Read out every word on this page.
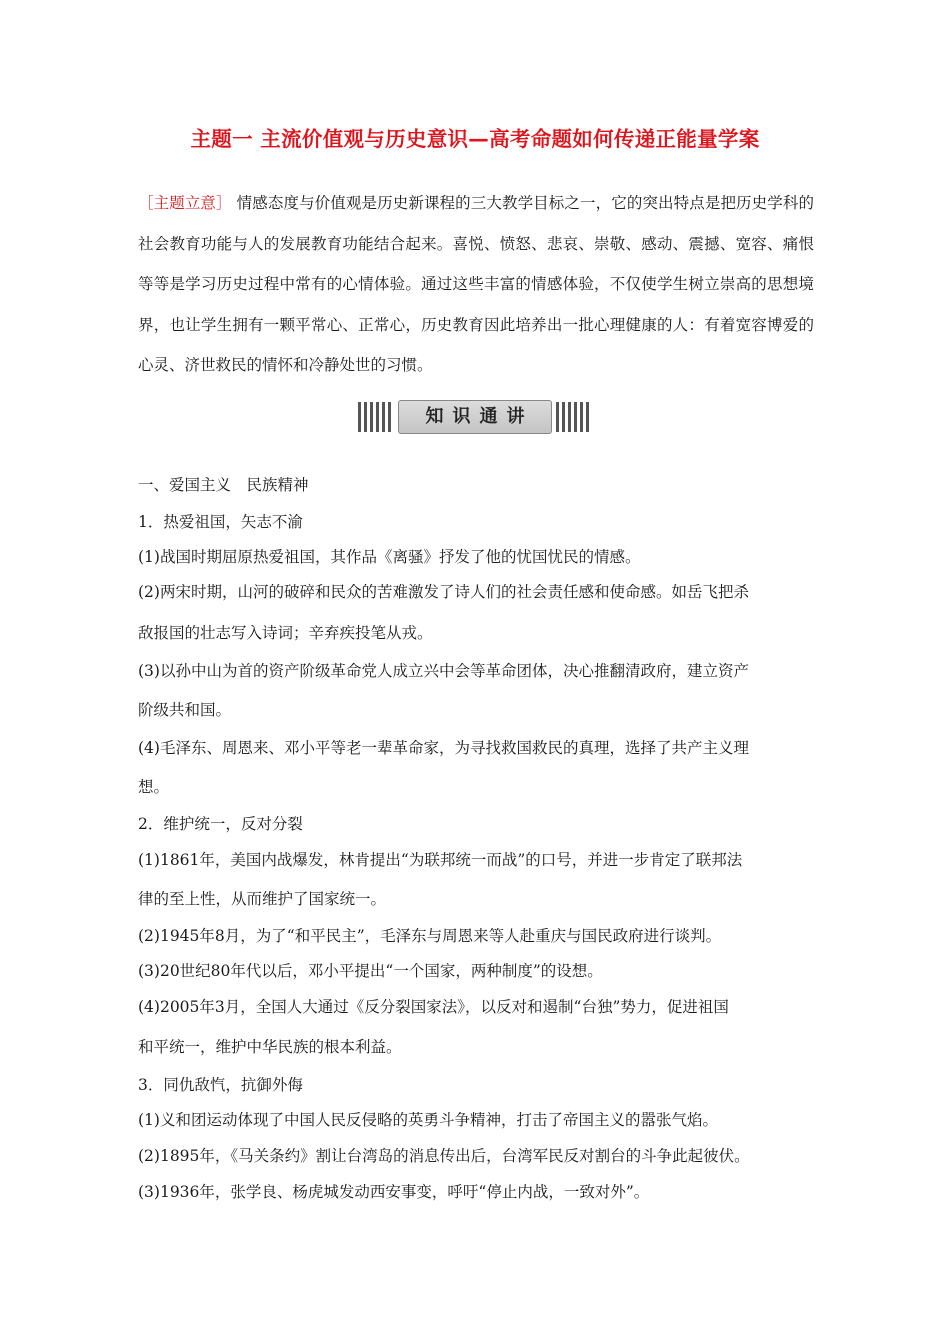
主题一 主流价值观与历史意识—高考命题如何传递正能量学案
［主题立意］ 情感态度与价值观是历史新课程的三大教学目标之一，它的突出特点是把历史学科的社会教育功能与人的发展教育功能结合起来。喜悦、愤怒、悲哀、崇敬、感动、震撼、宽容、痛恨等等是学习历史过程中常有的心情体验。通过这些丰富的情感体验，不仅使学生树立崇高的思想境界，也让学生拥有一颗平常心、正常心，历史教育因此培养出一批心理健康的人：有着宽容博爱的心灵、济世救民的情怀和冷静处世的习惯。
知识通讲
一、爱国主义　民族精神
1．热爱祖国，矢志不渝
(1)战国时期屈原热爱祖国，其作品《离骚》抒发了他的忧国忧民的情感。
(2)两宋时期，山河的破碎和民众的苦难激发了诗人们的社会责任感和使命感。如岳飞把杀
敌报国的壮志写入诗词；辛弃疾投笔从戎。
(3)以孙中山为首的资产阶级革命党人成立兴中会等革命团体，决心推翻清政府，建立资产
阶级共和国。
(4)毛泽东、周恩来、邓小平等老一辈革命家，为寻找救国救民的真理，选择了共产主义理
想。
2．维护统一，反对分裂
(1)1861年，美国内战爆发，林肯提出“为联邦统一而战”的口号，并进一步肯定了联邦法
律的至上性，从而维护了国家统一。
(2)1945年8月，为了“和平民主”，毛泽东与周恩来等人赴重庆与国民政府进行谈判。
(3)20世纪80年代以后，邓小平提出“一个国家，两种制度”的设想。
(4)2005年3月，全国人大通过《反分裂国家法》，以反对和遏制“台独”势力，促进祖国
和平统一，维护中华民族的根本利益。
3．同仇敌忾，抗御外侮
(1)义和团运动体现了中国人民反侵略的英勇斗争精神，打击了帝国主义的嚣张气焰。
(2)1895年，《马关条约》割让台湾岛的消息传出后，台湾军民反对割台的斗争此起彼伏。
(3)1936年，张学良、杨虎城发动西安事变，呼吁“停止内战，一致对外”。
